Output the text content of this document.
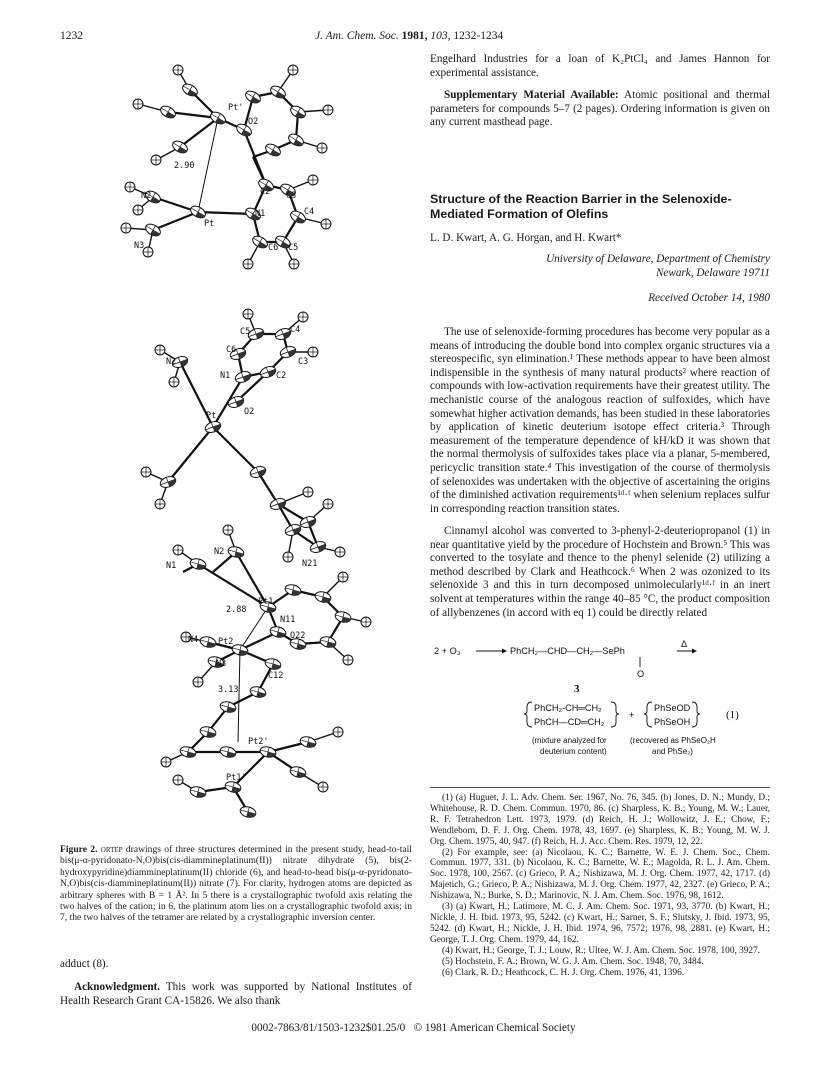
1232	J. Am. Chem. Soc. 1981, 103, 1232-1234
Pt'
O2
2.90
C2 C3
C4
N2
N1
Pt
C6 C5
N3
C5	C4
C6
C3
N2
N1	C2
Pt	O2
N1
N2
N21
Pt1
2.88
N11
N4 Pt2
O22
N3
C12
3.13
Pt2'
Pt1'
Figure 2. ortep drawings of three structures determined in the present study, head-to-tail bis(μ-α-pyridonato-N,O)bis(cis-diammineplatinum(II)) nitrate dihydrate (5), bis(2-hydroxypyridine)diammineplatinum(II) chloride (6), and head-to-head bis(μ-α-pyridonato-N,O)bis(cis-diammineplatinum(II)) nitrate (7). For clarity, hydrogen atoms are depicted as arbitrary spheres with B = 1 Å². In 5 there is a crystallographic twofold axis relating the two halves of the cation; in 6, the platinum atom lies on a crystallographic twofold axis; in 7, the two halves of the tetramer are related by a crystallographic inversion center.
adduct (8).
Acknowledgment. This work was supported by National Institutes of Health Research Grant CA-15826. We also thank
Engelhard Industries for a loan of K₂PtCl₄ and James Hannon for experimental assistance.
Supplementary Material Available: Atomic positional and thermal parameters for compounds 5–7 (2 pages). Ordering information is given on any current masthead page.
Structure of the Reaction Barrier in the Selenoxide-Mediated Formation of Olefins
L. D. Kwart, A. G. Horgan, and H. Kwart*
University of Delaware, Department of Chemistry
Newark, Delaware 19711
Received October 14, 1980
The use of selenoxide-forming procedures has become very popular as a means of introducing the double bond into complex organic structures via a stereospecific, syn elimination.¹ These methods appear to have been almost indispensible in the synthesis of many natural products² where reaction of compounds with low-activation requirements have their greatest utility. The mechanistic course of the analogous reaction of sulfoxides, which have somewhat higher activation demands, has been studied in these laboratories by application of kinetic deuterium isotope effect criteria.³ Through measurement of the temperature dependence of kH/kD it was shown that the normal thermolysis of sulfoxides takes place via a planar, 5-membered, pericyclic transition state.⁴ This investigation of the course of thermolysis of selenoxides was undertaken with the objective of ascertaining the origins of the diminished activation requirements¹ᵈ·ᶠ when selenium replaces sulfur in corresponding reaction transition states.
Cinnamyl alcohol was converted to 3-phenyl-2-deuteriopropanol (1) in near quantitative yield by the procedure of Hochstein and Brown.⁵ This was converted to the tosylate and thence to the phenyl selenide (2) utilizing a method described by Clark and Heathcock.⁶ When 2 was ozonized to its selenoxide 3 and this in turn decomposed unimolecularly¹ᵈ·ᶠ in an inert solvent at temperatures within the range 40–85 °C, the product composition of allybenzenes (in accord with eq 1) could be directly related
2 + O₃	PhCH₂—CHD—CH₂—SePh
Δ
O
3
PhCH₂-CH═CH₂
PhCH—CD═CH₂
+
PhSeOD
PhSeOH
(1)
(mixture analyzed for
deuterium content)
(recovered as PhSeO₂H
and PhSe₂)

(1) (a) Huguet, J. L. Adv. Chem. Ser. 1967, No. 76, 345. (b) Jones, D. N.; Mundy, D.; Whitehouse, R. D. Chem. Commun. 1970, 86. (c) Sharpless, K. B.; Young, M. W.; Lauer, R. F. Tetrahedron Lett. 1973, 1979. (d) Reich, H. J.; Wollowitz, J. E.; Chow, F.; Wendleborn, D. F. J. Org. Chem. 1978, 43, 1697. (e) Sharpless, K. B.; Young, M. W. J. Org. Chem. 1975, 40, 947. (f) Reich, H. J. Acc. Chem. Res. 1979, 12, 22.

(2) For example, see: (a) Nicolaou, K. C.; Barnette, W. E. J. Chem. Soc., Chem. Commun. 1977, 331. (b) Nicolaou, K. C.; Barnette, W. E.; Magolda, R. L. J. Am. Chem. Soc. 1978, 100, 2567. (c) Grieco, P. A.; Nishizawa, M. J. Org. Chem. 1977, 42, 1717. (d) Majetich, G.; Grieco, P. A.; Nishizawa, M. J. Org. Chem. 1977, 42, 2327. (e) Grieco, P. A.; Nishizawa, N.; Burke, S. D.; Marinovic, N. J. Am. Chem. Soc. 1976, 98, 1612.

(3) (a) Kwart, H.; Latimore, M. C. J. Am. Chem. Soc. 1971, 93, 3770. (b) Kwart, H.; Nickle, J. H. Ibid. 1973, 95, 5242. (c) Kwart, H.; Sarner, S. F.; Slutsky, J. Ibid. 1973, 95, 5242. (d) Kwart, H.; Nickle, J. H. Ibid. 1974, 96, 7572; 1976, 98, 2881. (e) Kwart, H.; George, T. J. Org. Chem. 1979, 44, 162.

(4) Kwart, H.; George, T. J.; Louw, R.; Ultee, W. J. Am. Chem. Soc. 1978, 100, 3927.

(5) Hochstein, F. A.; Brown, W. G. J. Am. Chem. Soc. 1948, 70, 3484.

(6) Clark, R. D.; Heathcock, C. H. J. Org. Chem. 1976, 41, 1396.

0002-7863/81/1503-1232$01.25/0 © 1981 American Chemical Society
